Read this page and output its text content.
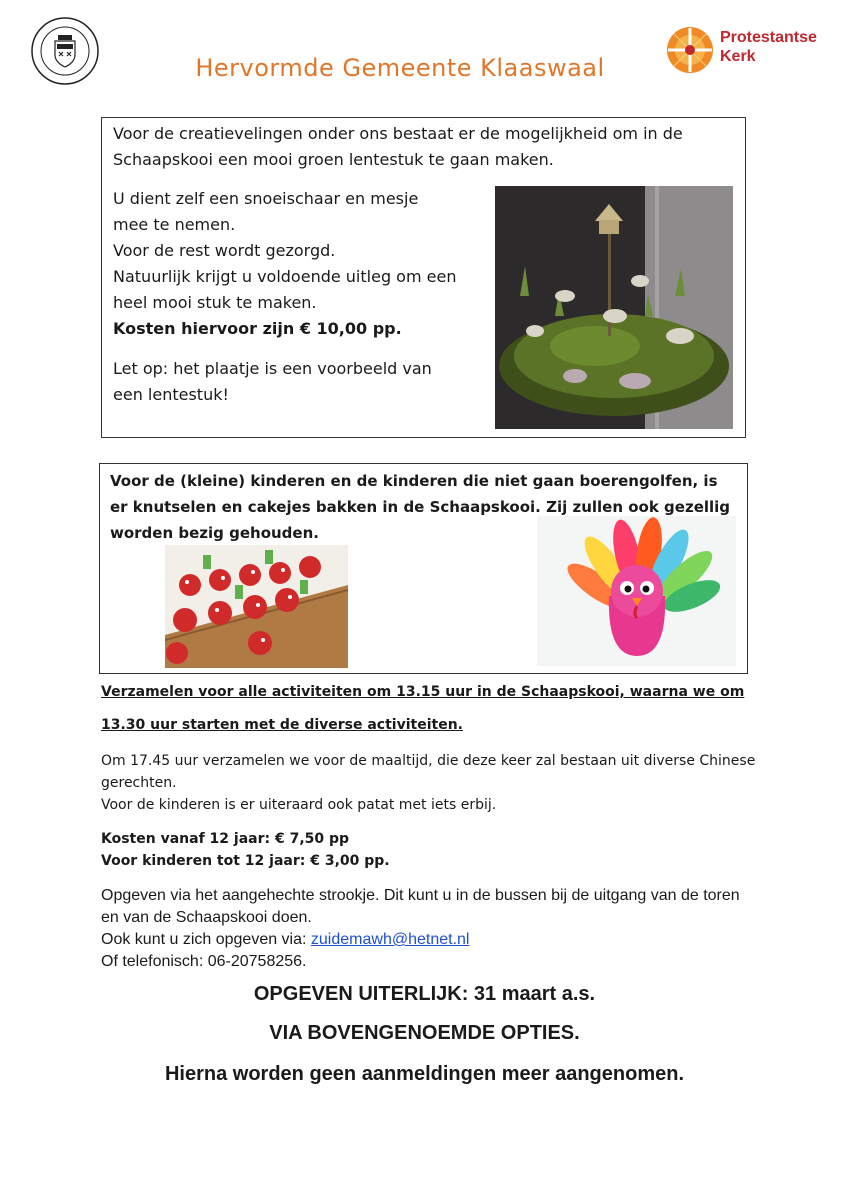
Hervormde Gemeente Klaaswaal
Protestantse
Kerk
Voor de creatievelingen onder ons bestaat er de mogelijkheid om in de Schaapskooi een mooi groen lentestuk te gaan maken.
U dient zelf een snoeischaar en mesje
mee te nemen.
Voor de rest wordt gezorgd.
Natuurlijk krijgt u voldoende uitleg om een
heel mooi stuk te maken.
Kosten hiervoor zijn € 10,00 pp.
Let op: het plaatje is een voorbeeld van
een lentestuk!
Voor de (kleine) kinderen en de kinderen die niet gaan boerengolfen, is er knutselen en cakejes bakken in de Schaapskooi. Zij zullen ook gezellig worden bezig gehouden.
Verzamelen voor alle activiteiten om 13.15 uur in de Schaapskooi, waarna we om
13.30 uur starten met de diverse activiteiten.
Om 17.45 uur verzamelen we voor de maaltijd, die deze keer zal bestaan uit diverse Chinese gerechten.
Voor de kinderen is er uiteraard ook patat met iets erbij.
Kosten vanaf 12 jaar: € 7,50 pp
Voor kinderen tot 12 jaar: € 3,00 pp.
Opgeven via het aangehechte strookje. Dit kunt u in de bussen bij de uitgang van de toren en van de Schaapskooi doen.
Ook kunt u zich opgeven via: zuidemawh@hetnet.nl
Of telefonisch: 06-20758256.
OPGEVEN UITERLIJK: 31 maart a.s.
VIA BOVENGENOEMDE OPTIES.
Hierna worden geen aanmeldingen meer aangenomen.
